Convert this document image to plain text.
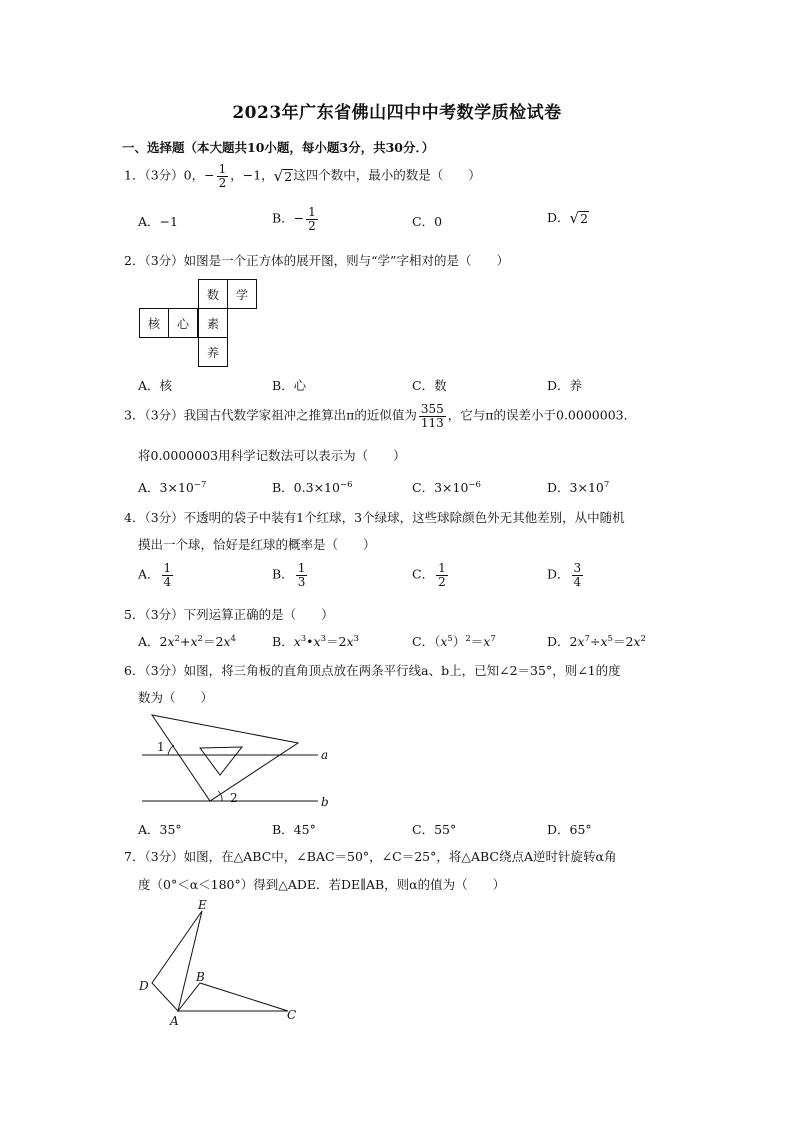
2023年广东省佛山四中中考数学质检试卷
一、选择题（本大题共10小题，每小题3分，共30分．）
1．（3分）0，− $\frac{1}{2}$ ，−1， √ 2 这四个数中，最小的数是（　　）
A．−1	B．− $\frac{1}{2}$	C．0	D． √ 2
2．（3分）如图是一个正方体的展开图，则与“学”字相对的是（　　）
数	学
核	心	素
养
A．核	B．心	C．数	D．养
3．（3分）我国古代数学家祖冲之推算出π的近似值为 $\frac{355}{113}$ ，它与π的误差小于0.0000003．
将0.0000003用科学记数法可以表示为（　　）
A．$3\times 10^{-7}$	B．$0.3\times 10^{-6}$	C．$3\times 10^{-6}$	D．$3\times 10^7$
4．（3分）不透明的袋子中装有1个红球，3个绿球，这些球除颜色外无其他差别，从中随机
摸出一个球，恰好是红球的概率是（　　）
A． $\frac{1}{4}$	B． $\frac{1}{3}$	C． $\frac{1}{2}$	D． $\frac{3}{4}$
5．（3分）下列运算正确的是（　　）
A．$2x^2+x^2=2x^4$	B．$x^3•x^3=2x^3$	C．$(x^5)^2=x^7$	D．$2x^7\div x^5=2x^2$
6．（3分）如图，将三角板的直角顶点放在两条平行线a、b上，已知∠2＝35°，则∠1的度
数为（　　）
1
2
a
b
A．35°	B．45°	C．55°	D．65°
7．（3分）如图，在△ABC中，∠BAC＝50°，∠C＝25°，将△ABC绕点A逆时针旋转α角
度（0°＜α＜180°）得到△ADE．若DE∥AB，则α的值为（　　）
E
B
D
A	C
